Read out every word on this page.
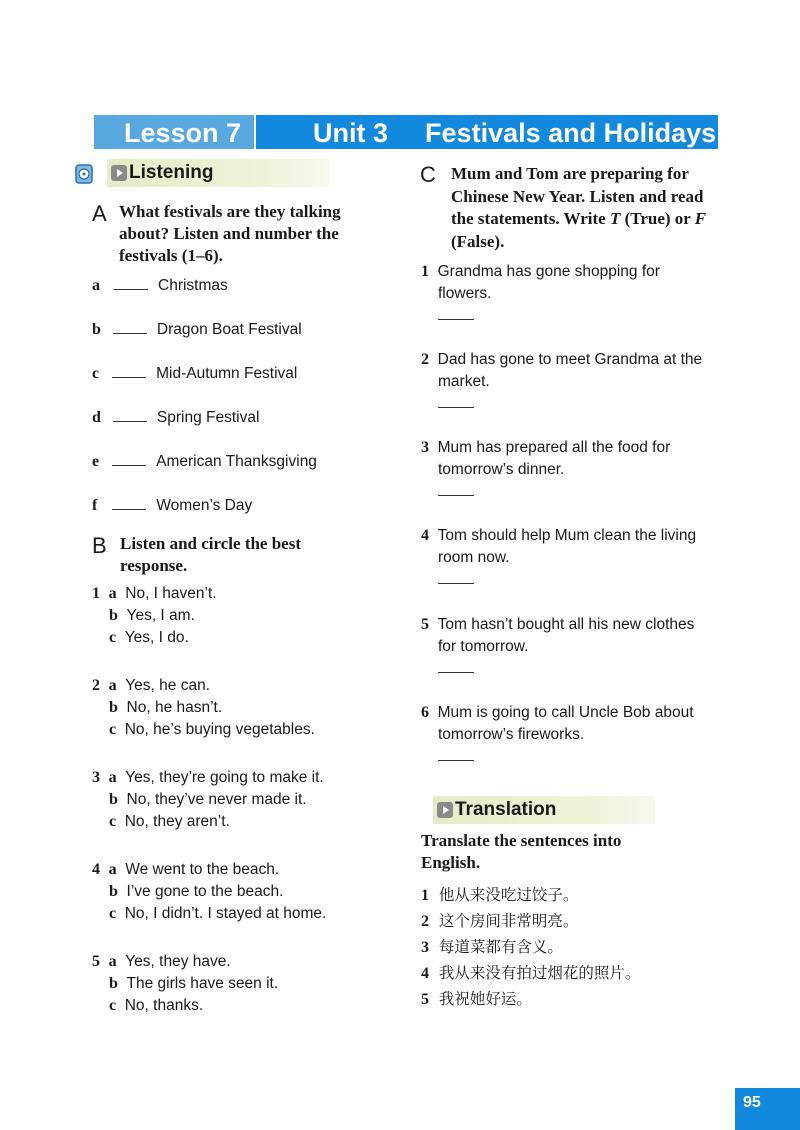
Lesson 7	Unit 3 Festivals and Holidays
Listening
A What festivals are they talking about? Listen and number the festivals (1–6).
a	Christmas
b	Dragon Boat Festival
c	Mid-Autumn Festival
d	Spring Festival
e	American Thanksgiving
f	Women’s Day
B Listen and circle the best response.
1 a No, I haven’t.
b Yes, I am.
c Yes, I do.
2 a Yes, he can.
b No, he hasn’t.
c No, he’s buying vegetables.
3 a Yes, they’re going to make it.
b No, they’ve never made it.
c No, they aren’t.
4 a We went to the beach.
b I’ve gone to the beach.
c No, I didn’t. I stayed at home.
5 a Yes, they have.
b The girls have seen it.
c No, thanks.
C Mum and Tom are preparing for Chinese New Year. Listen and read the statements. Write T (True) or F (False).
1 Grandma has gone shopping for
flowers.
2 Dad has gone to meet Grandma at the
market.
3 Mum has prepared all the food for
tomorrow’s dinner.
4 Tom should help Mum clean the living
room now.
5 Tom hasn’t bought all his new clothes
for tomorrow.
6 Mum is going to call Uncle Bob about
tomorrow’s fireworks.
Translation
Translate the sentences into English.
1 他从来没吃过饺子。
2 这个房间非常明亮。
3 每道菜都有含义。
4 我从来没有拍过烟花的照片。
5 我祝她好运。
95
